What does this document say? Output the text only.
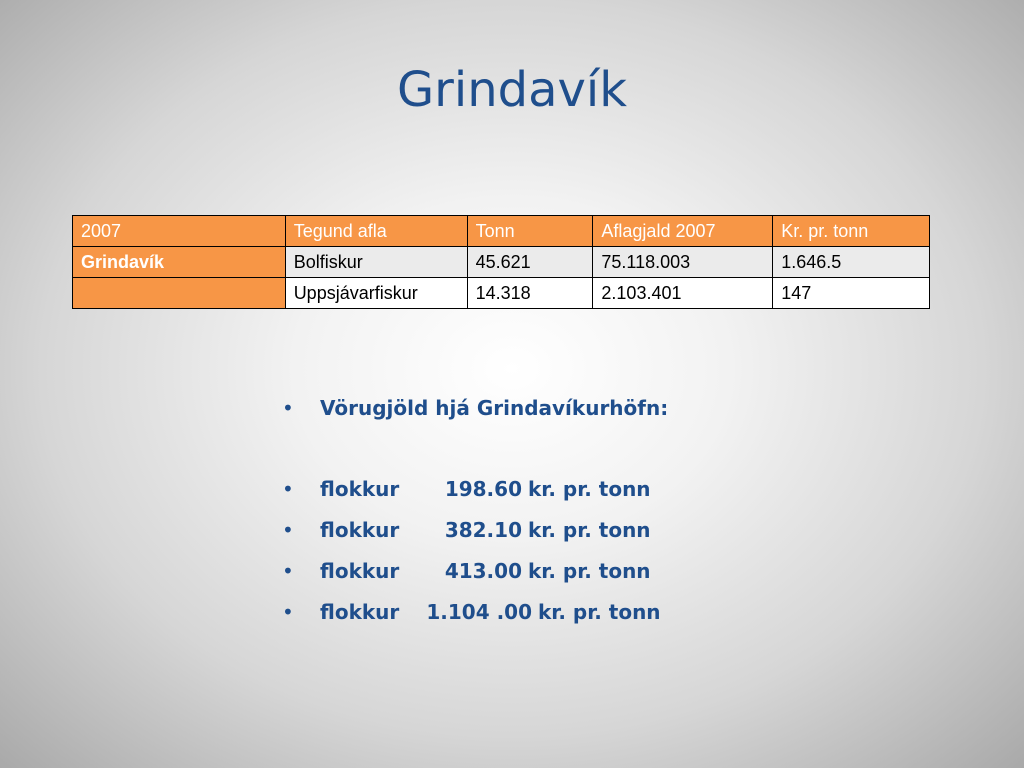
Grindavík
2007	Tegund afla	Tonn	Aflagjald 2007	Kr. pr. tonn
Grindavík	Bolfiskur	45.621	75.118.003	1.646.5
	Uppsjávarfiskur	14.318	2.103.401	147
• Vörugjöld hjá Grindavíkurhöfn:
• flokkur 198.60 kr. pr. tonn
• flokkur 382.10 kr. pr. tonn
• flokkur 413.00 kr. pr. tonn
• flokkur 1.104 .00 kr. pr. tonn
